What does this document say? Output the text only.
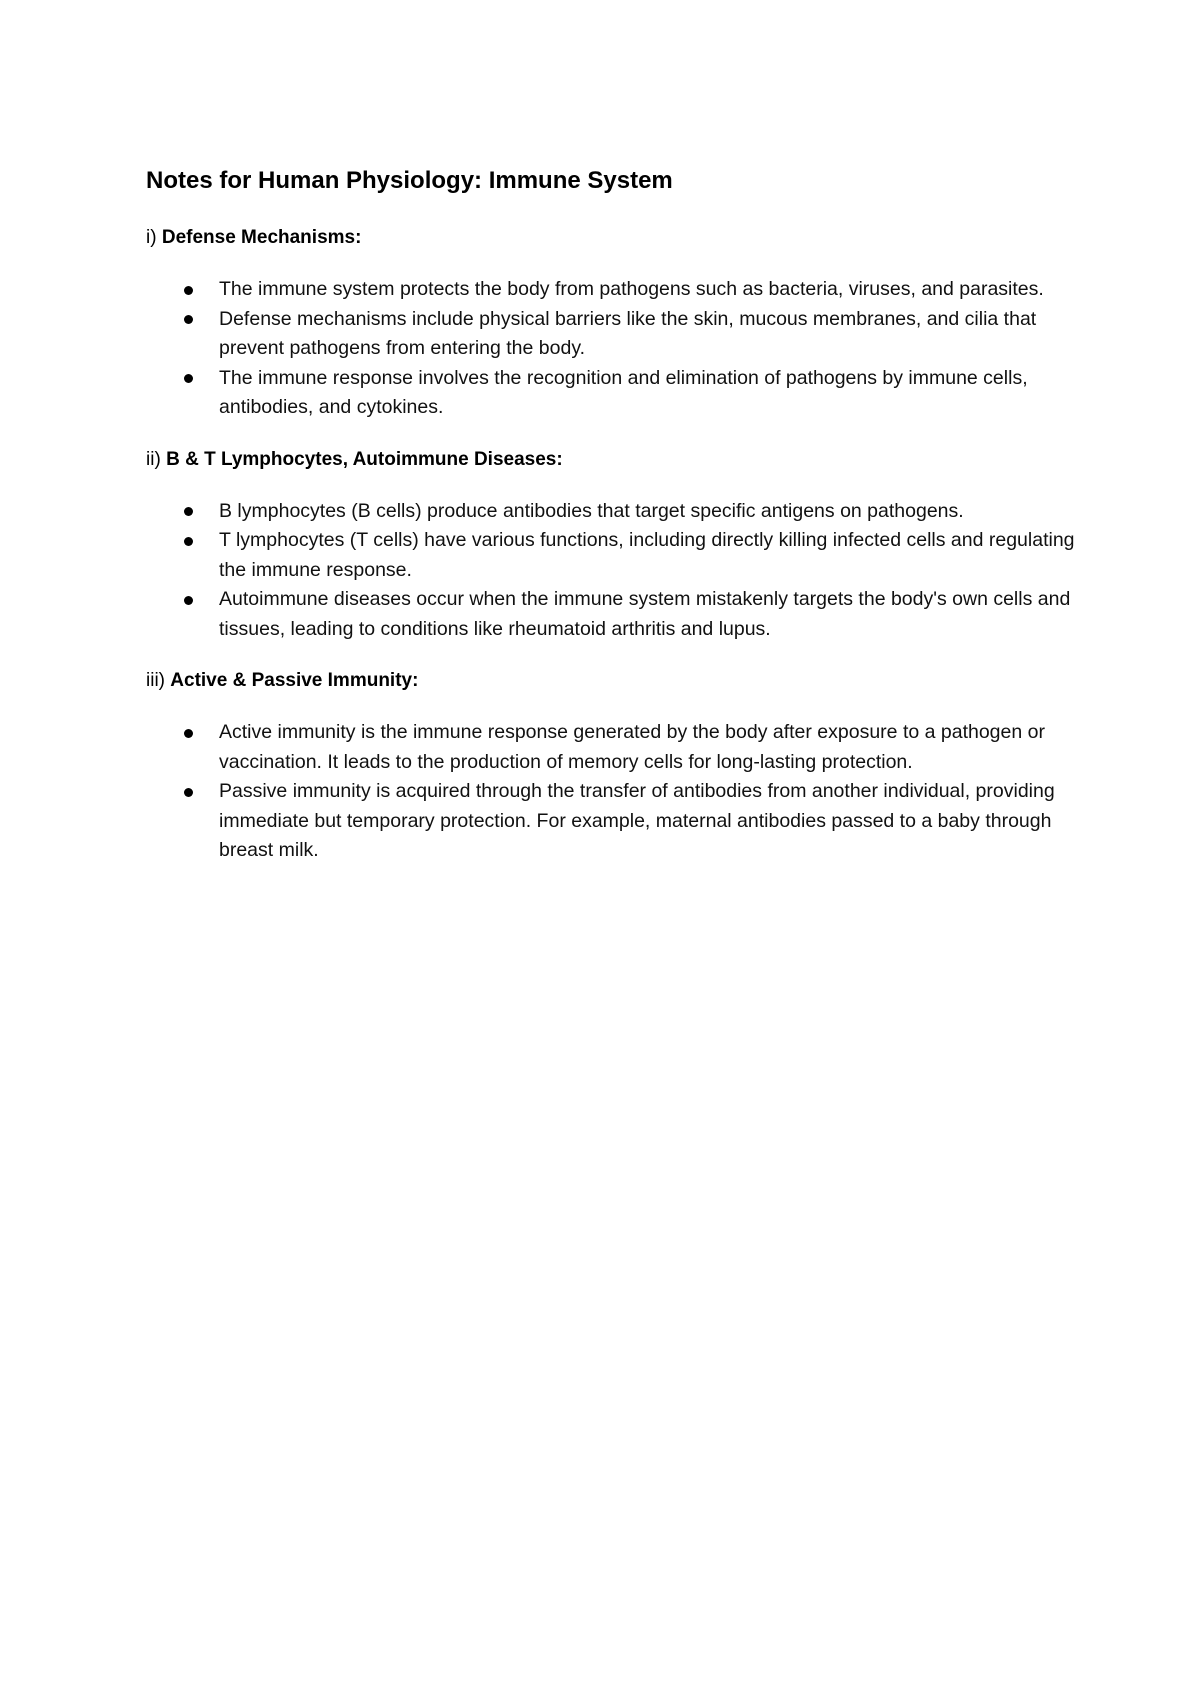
Notes for Human Physiology: Immune System

i) Defense Mechanisms:

The immune system protects the body from pathogens such as bacteria, viruses, and parasites.
Defense mechanisms include physical barriers like the skin, mucous membranes, and cilia that prevent pathogens from entering the body.
The immune response involves the recognition and elimination of pathogens by immune cells, antibodies, and cytokines.

ii) B & T Lymphocytes, Autoimmune Diseases:

B lymphocytes (B cells) produce antibodies that target specific antigens on pathogens.
T lymphocytes (T cells) have various functions, including directly killing infected cells and regulating the immune response.
Autoimmune diseases occur when the immune system mistakenly targets the body's own cells and tissues, leading to conditions like rheumatoid arthritis and lupus.

iii) Active & Passive Immunity:

Active immunity is the immune response generated by the body after exposure to a pathogen or vaccination. It leads to the production of memory cells for long-lasting protection.
Passive immunity is acquired through the transfer of antibodies from another individual, providing immediate but temporary protection. For example, maternal antibodies passed to a baby through breast milk.
